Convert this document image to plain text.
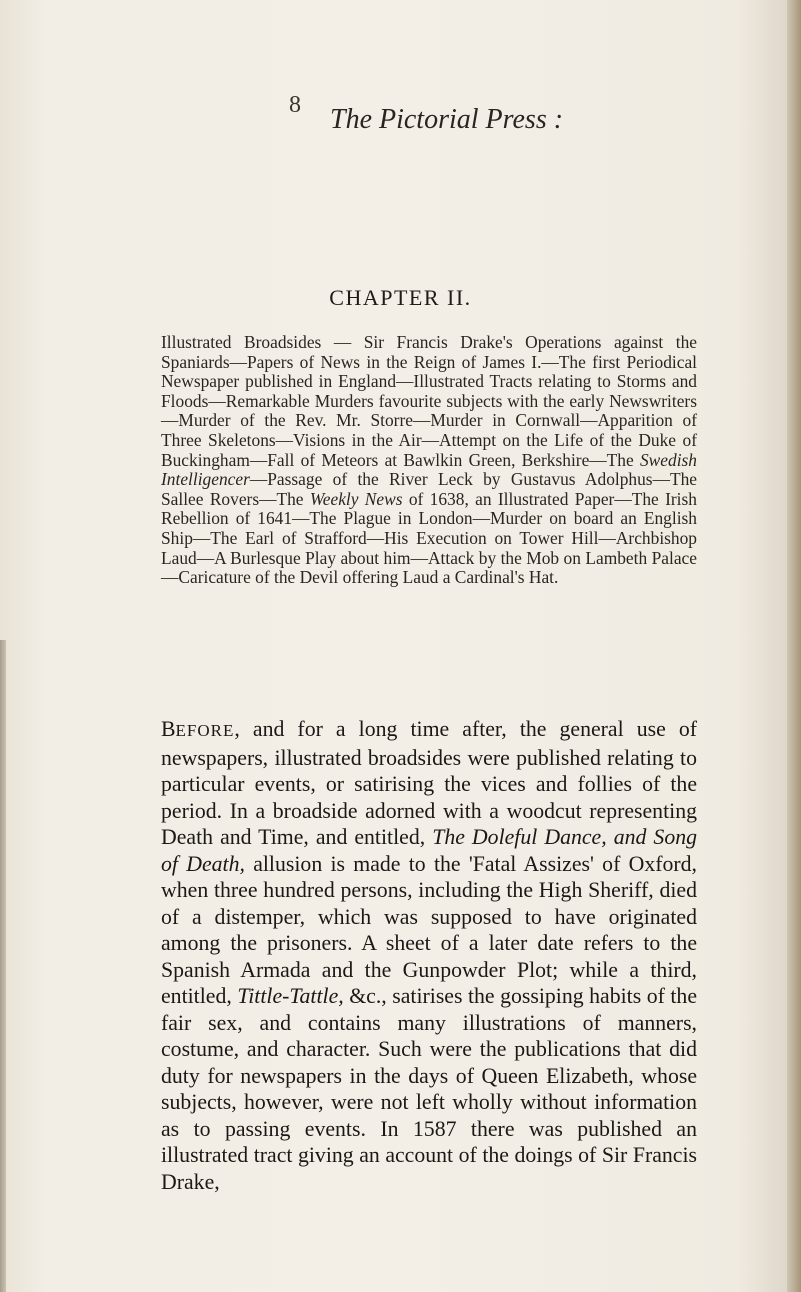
8 The Pictorial Press :
CHAPTER II.
Illustrated Broadsides — Sir Francis Drake's Operations against the Spaniards—Papers of News in the Reign of James I.—The first Periodical Newspaper published in England—Illustrated Tracts relating to Storms and Floods—Remarkable Murders favourite subjects with the early Newswriters—Murder of the Rev. Mr. Storre—Murder in Cornwall—Apparition of Three Skeletons—Visions in the Air—Attempt on the Life of the Duke of Buckingham—Fall of Meteors at Bawlkin Green, Berkshire—The Swedish Intelligencer—Passage of the River Leck by Gustavus Adolphus—The Sallee Rovers—The Weekly News of 1638, an Illustrated Paper—The Irish Rebellion of 1641—The Plague in London—Murder on board an English Ship—The Earl of Strafford—His Execution on Tower Hill—Archbishop Laud—A Burlesque Play about him—Attack by the Mob on Lambeth Palace—Caricature of the Devil offering Laud a Cardinal's Hat.
BEFORE, and for a long time after, the general use of newspapers, illustrated broadsides were published relating to particular events, or satirising the vices and follies of the period. In a broadside adorned with a woodcut representing Death and Time, and entitled, The Doleful Dance, and Song of Death, allusion is made to the 'Fatal Assizes' of Oxford, when three hundred persons, including the High Sheriff, died of a distemper, which was supposed to have originated among the prisoners. A sheet of a later date refers to the Spanish Armada and the Gunpowder Plot; while a third, entitled, Tittle-Tattle, &c., satirises the gossiping habits of the fair sex, and contains many illustrations of manners, costume, and character. Such were the publications that did duty for newspapers in the days of Queen Elizabeth, whose subjects, however, were not left wholly without information as to passing events. In 1587 there was published an illustrated tract giving an account of the doings of Sir Francis Drake,
